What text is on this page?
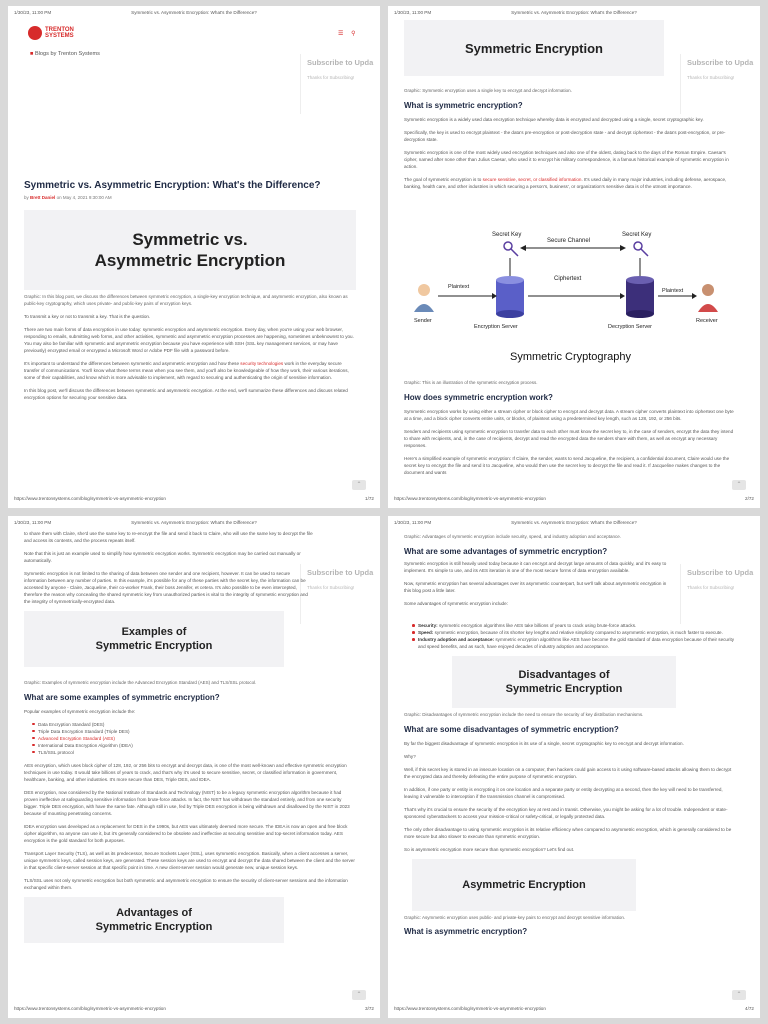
1/30/23, 11:00 PM	Symmetric vs. Asymmetric Encryption: What's the Difference?
TRENTON
SYSTEMS	☰ ⚲
■ Blogs by Trenton Systems
Subscribe to Upda
Thanks for Subscribing!
Symmetric vs. Asymmetric Encryption: What's the Difference?
by Brett Daniel on May 4, 2021 9:30:00 AM
Symmetric vs.
Asymmetric Encryption
Graphic: In this blog post, we discuss the differences between symmetric encryption, a single-key encryption technique, and asymmetric encryption, also known as public-key cryptography, which uses private- and public-key pairs of encryption keys.
To transmit a key or not to transmit a key. That is the question.
There are two main forms of data encryption in use today: symmetric encryption and asymmetric encryption. Every day, when you're using your web browser, responding to emails, submitting web forms, and other activities, symmetric and asymmetric encryption processes are happening, sometimes unbeknownst to you. You may also be familiar with symmetric and asymmetric encryption because you have experience with SSH (SSL key management services, or may have previously) encrypted email or encrypted a Microsoft Word or Adobe PDF file with a password before.
It's important to understand the differences between symmetric and asymmetric encryption and how these security technologies work in the everyday secure transfer of communications. You'll know what these terms mean when you see them, and you'll also be knowledgeable of how they work, their various iterations, some of their capabilities, and know which is more advisable to implement, with regard to securing and authenticating the origin of sensitive information.
In this blog post, we'll discuss the differences between symmetric and asymmetric encryption. At the end, we'll summarize these differences and discuss related encryption options for securing your sensitive data.
⌃
https://www.trentonsystems.com/blog/symmetric-vs-asymmetric-encryption	1/72
1/30/23, 11:00 PM	Symmetric vs. Asymmetric Encryption: What's the Difference?
Subscribe to Upda
Thanks for Subscribing!
Symmetric Encryption
Graphic: Symmetric encryption uses a single key to encrypt and decrypt information.
What is symmetric encryption?
Symmetric encryption is a widely used data encryption technique whereby data is encrypted and decrypted using a single, secret cryptographic key.
Specifically, the key is used to encrypt plaintext - the data's pre-encryption or post-decryption state - and decrypt ciphertext - the data's post-encryption, or pre-decryption state.
Symmetric encryption is one of the most widely used encryption techniques and also one of the oldest, dating back to the days of the Roman Empire. Caesar's cipher, named after none other than Julius Caesar, who used it to encrypt his military correspondence, is a famous historical example of symmetric encryption in action.
The goal of symmetric encryption is to secure sensitive, secret, or classified information. It's used daily in many major industries, including defense, aerospace, banking, health care, and other industries in which securing a person's, business', or organization's sensitive data is of the utmost importance.
Secret Key	Secret Key
Secure Channel
Encryption Server	Decryption Server
Sender	Receiver
Plaintext
Plaintext
Ciphertext
Symmetric Cryptography
Graphic: This is an illustration of the symmetric encryption process.
How does symmetric encryption work?
Symmetric encryption works by using either a stream cipher or block cipher to encrypt and decrypt data. A stream cipher converts plaintext into ciphertext one byte at a time, and a block cipher converts entire units, or blocks, of plaintext using a predetermined key length, such as 128, 192, or 256 bits.
Senders and recipients using symmetric encryption to transfer data to each other must know the secret key to, in the case of senders, encrypt the data they intend to share with recipients, and, in the case of recipients, decrypt and read the encrypted data the senders share with them, as well as encrypt any necessary responses.
Here's a simplified example of symmetric encryption: If Claire, the sender, wants to send Jacqueline, the recipient, a confidential document, Claire would use the secret key to encrypt the file and send it to Jacqueline, who would then use the secret key to decrypt the file and read it. If Jacqueline makes changes to the document and wants
⌃
https://www.trentonsystems.com/blog/symmetric-vs-asymmetric-encryption	2/72
1/30/23, 11:00 PM	Symmetric vs. Asymmetric Encryption: What's the Difference?
Subscribe to Upda
Thanks for Subscribing!
to share them with Claire, she'd use the same key to re-encrypt the file and send it back to Claire, who will use the same key to decrypt the file and access its contents, and the process repeats itself.
Note that this is just an example used to simplify how symmetric encryption works. Symmetric encryption may be carried out manually or automatically.
Symmetric encryption is not limited to the sharing of data between one sender and one recipient, however. It can be used to secure information between any number of parties. In this example, it's possible for any of these parties with the secret key, the information can be accessed by anyone - Claire, Jacqueline, their co-worker Frank, their boss Jennifer, et cetera. It's also possible to be even intercepted, therefore the reason why concealing the shared symmetric key from unauthorized parties is vital to the integrity of symmetric encryption and the integrity of symmetrically-encrypted data.
Examples of
Symmetric Encryption
Graphic: Examples of symmetric encryption include the Advanced Encryption Standard (AES) and TLS/SSL protocol.
What are some examples of symmetric encryption?
Popular examples of symmetric encryption include the:
Data Encryption Standard (DES)
Triple Data Encryption Standard (Triple DES)
Advanced Encryption Standard (AES)
International Data Encryption Algorithm (IDEA)
TLS/SSL protocol
AES encryption, which uses block cipher of 128, 192, or 256 bits to encrypt and decrypt data, is one of the most well-known and effective symmetric encryption techniques in use today. It would take billions of years to crack, and that's why it's used to secure sensitive, secret, or classified information in government, healthcare, banking, and other industries. It's more secure than DES, Triple DES, and IDEA.
DES encryption, now considered by the National Institute of Standards and Technology (NIST) to be a legacy symmetric encryption algorithm because it had proven ineffective at safeguarding sensitive information from brute-force attacks. In fact, the NIST has withdrawn the standard entirely, and from one security bigger. Triple DES encryption, with have the same fate. Although still in use, fed by Triple DES encryption is being withdrawn and disallowed by the NIST in 2023 because of mounting penetrating concerns.
IDEA encryption was developed as a replacement for DES in the 1990s, but AES was ultimately deemed more secure. The IDEA is now an open and free block cipher algorithm, so anyone can use it, but it's generally considered to be obsolete and ineffective at securing sensitive and top-secret information today. AES encryption is the gold standard for both purposes.
Transport Layer Security (TLS), as well as its predecessor, Secure Sockets Layer (SSL), uses symmetric encryption. Basically, when a client accesses a server, unique symmetric keys, called session keys, are generated. These session keys are used to encrypt and decrypt the data shared between the client and the server in that specific client-server session at that specific point in time. A new client-server session would generate new, unique session keys.
TLS/SSL uses not only symmetric encryption but both symmetric and asymmetric encryption to ensure the security of client-server sessions and the information exchanged within them.
Advantages of
Symmetric Encryption
⌃
https://www.trentonsystems.com/blog/symmetric-vs-asymmetric-encryption	3/72
1/30/23, 11:00 PM	Symmetric vs. Asymmetric Encryption: What's the Difference?
Subscribe to Upda
Thanks for Subscribing!
Graphic: Advantages of symmetric encryption include security, speed, and industry adoption and acceptance.
What are some advantages of symmetric encryption?
Symmetric encryption is still heavily used today because it can encrypt and decrypt large amounts of data quickly, and it's easy to implement. It's simple to use, and its AES iteration is one of the most secure forms of data encryption available.
Now, symmetric encryption has several advantages over its asymmetric counterpart, but we'll talk about asymmetric encryption in this blog post a little later.
Some advantages of symmetric encryption include:
Security: symmetric encryption algorithms like AES take billions of years to crack using brute-force attacks.
Speed: symmetric encryption, because of its shorter key lengths and relative simplicity compared to asymmetric encryption, is much faster to execute.
Industry adoption and acceptance: symmetric encryption algorithms like AES have become the gold standard of data encryption because of their security and speed benefits, and as such, have enjoyed decades of industry adoption and acceptance.
Disadvantages of
Symmetric Encryption
Graphic: Disadvantages of symmetric encryption include the need to ensure the security of key distribution mechanisms.
What are some disadvantages of symmetric encryption?
By far the biggest disadvantage of symmetric encryption is its use of a single, secret cryptographic key to encrypt and decrypt information.
Why?
Well, if this secret key is stored in an insecure location on a computer, then hackers could gain access to it using software-based attacks allowing them to decrypt the encrypted data and thereby defeating the entire purpose of symmetric encryption.
In addition, if one party or entity is encrypting it on one location and a separate party or entity decrypting at a second, then the key will need to be transferred, leaving it vulnerable to interception if the transmission channel is compromised.
That's why it's crucial to ensure the security of the encryption key at rest and in transit. Otherwise, you might be asking for a lot of trouble. Independent or state-sponsored cyberattackers to access your mission-critical or safety-critical, or legally protected data.
The only other disadvantage to using symmetric encryption is its relative efficiency when compared to asymmetric encryption, which is generally considered to be more secure but also slower to execute than symmetric encryption.
So is asymmetric encryption more secure than symmetric encryption? Let's find out.
Asymmetric Encryption
Graphic: Asymmetric encryption uses public- and private-key pairs to encrypt and decrypt sensitive information.
What is asymmetric encryption?
⌃
https://www.trentonsystems.com/blog/symmetric-vs-asymmetric-encryption	4/72
